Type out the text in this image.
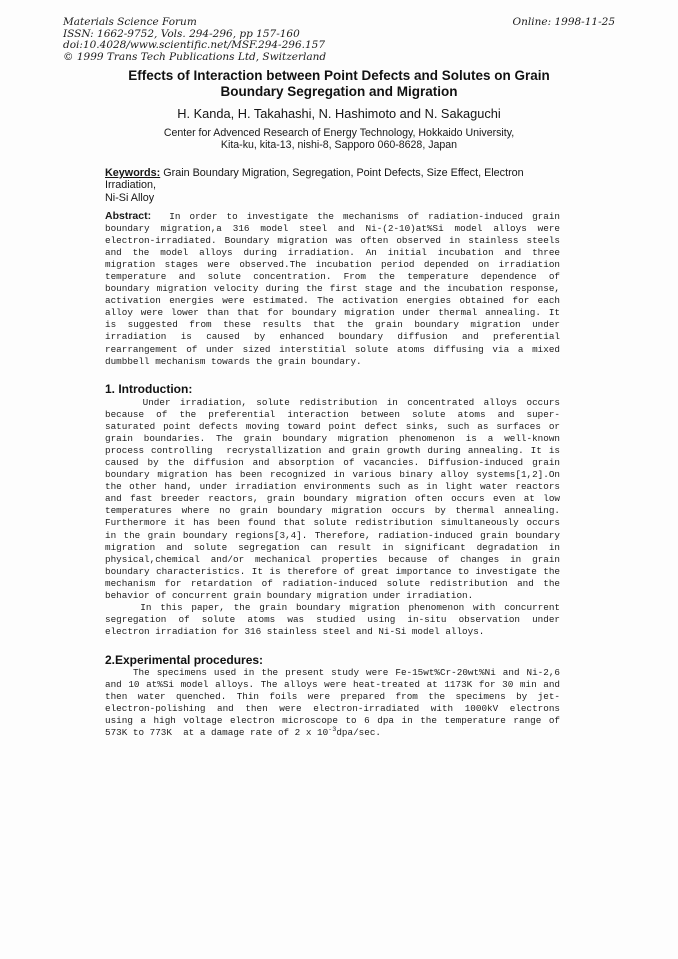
Materials Science Forum
ISSN: 1662-9752, Vols. 294-296, pp 157-160
doi:10.4028/www.scientific.net/MSF.294-296.157
© 1999 Trans Tech Publications Ltd, Switzerland
Online: 1998-11-25
Effects of Interaction between Point Defects and Solutes on Grain
Boundary Segregation and Migration
H. Kanda, H. Takahashi, N. Hashimoto and N. Sakaguchi
Center for Advenced Research of Energy Technology, Hokkaido University,
Kita-ku, kita-13, nishi-8, Sapporo 060-8628, Japan
Keywords: Grain Boundary Migration, Segregation, Point Defects, Size Effect, Electron Irradiation,
Ni-Si Alloy
Abstract:  In order to investigate the mechanisms of radiation-induced grain
boundary migration,a 316 model steel and Ni-(2-10)at%Si model alloys were
electron-irradiated. Boundary migration was often observed in stainless steels
and the model alloys during irradiation. An initial incubation and three
migration stages were observed.The incubation period depended on irradiation
temperature and solute concentration. From the temperature dependence of
boundary migration velocity during the first stage and the incubation response,
activation energies were estimated. The activation energies obtained for each
alloy were lower than that for boundary migration under thermal annealing. It
is suggested from these results that the grain boundary migration under
irradiation is caused by enhanced boundary diffusion and preferential
rearrangement of under sized interstitial solute atoms diffusing via a mixed
dumbbell mechanism towards the grain boundary.
1. Introduction:
Under irradiation, solute redistribution in concentrated alloys occurs
because of the preferential interaction between solute atoms and super-
saturated point defects moving toward point defect sinks, such as surfaces or
grain boundaries. The grain boundary migration phenomenon is a well-known
process controlling  recrystallization and grain growth during annealing. It is
caused by the diffusion and absorption of vacancies. Diffusion-induced grain
boundary migration has been recognized in various binary alloy systems[1,2].On
the other hand, under irradiation environments such as in light water reactors
and fast breeder reactors, grain boundary migration often occurs even at low
temperatures where no grain boundary migration occurs by thermal annealing.
Furthermore it has been found that solute redistribution simultaneously occurs
in the grain boundary regions[3,4]. Therefore, radiation-induced grain boundary
migration and solute segregation can result in significant degradation in
physical,chemical and/or mechanical properties because of changes in grain
boundary characteristics. It is therefore of great importance to investigate the
mechanism for retardation of radiation-induced solute redistribution and the
behavior of concurrent grain boundary migration under irradiation.
In this paper, the grain boundary migration phenomenon with concurrent
segregation of solute atoms was studied using in-situ observation under
electron irradiation for 316 stainless steel and Ni-Si model alloys.
2.Experimental procedures:
The specimens used in the present study were Fe-15wt%Cr-20wt%Ni and Ni-2,6
and 10 at%Si model alloys. The alloys were heat-treated at 1173K for 30 min and
then water quenched. Thin foils were prepared from the specimens by jet-
electron-polishing and then were electron-irradiated with 1000kV electrons
using a high voltage electron microscope to 6 dpa in the temperature range of
573K to 773K  at a damage rate of 2 x $10^{-3}dpa/\sec$.
